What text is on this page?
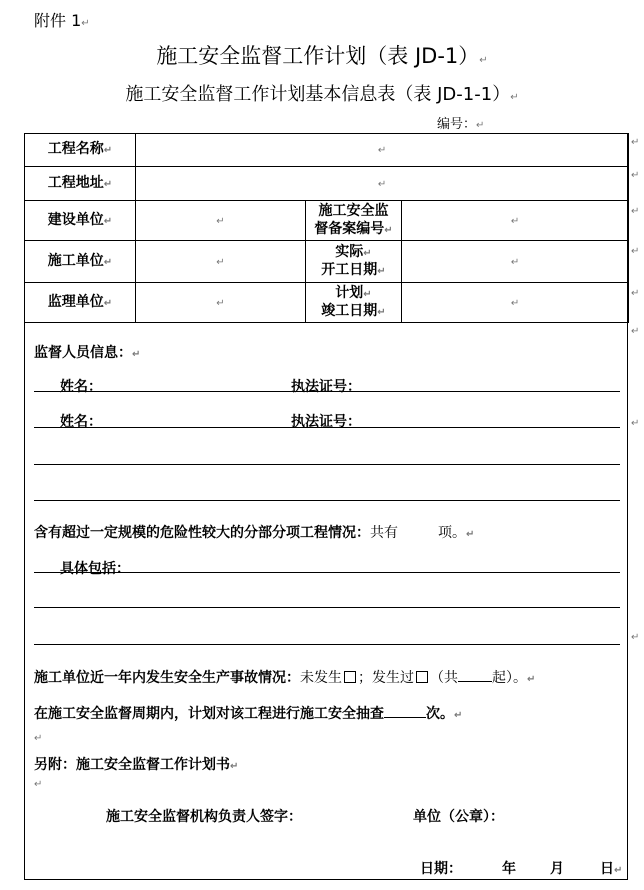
附件 1↵
施工安全监督工作计划（表 JD-1）↵
施工安全监督工作计划基本信息表（表 JD-1-1）↵
编号：↵
工程名称↵	↵		
工程地址↵	↵		
建设单位↵	↵	施工安全监
督备案编号↵	↵
施工单位↵	↵	实际↵
开工日期↵	↵
监理单位↵	↵	计划↵
竣工日期↵	↵
↵
↵
↵
↵
↵
↵
↵
↵
监督人员信息：↵
姓名：	执法证号：
姓名：	执法证号：
含有超过一定规模的危险性较大的分部分项工程情况：共有	项。↵
具体包括：
施工单位近一年内发生安全生产事故情况：未发生 ；发生过 （共 起）。↵
在施工安全监督周期内，计划对该工程进行施工安全抽查	次。↵
↵
另附：施工安全监督工作计划书↵
↵
施工安全监督机构负责人签字：	单位（公章）：
日期：	年 月	日↵
